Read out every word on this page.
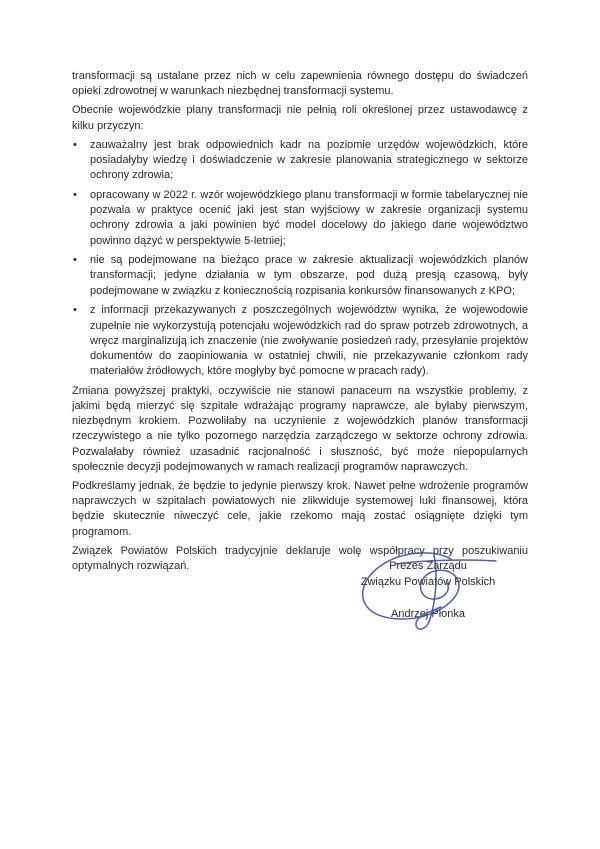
transformacji są ustalane przez nich w celu zapewnienia równego dostępu do świadczeń opieki zdrowotnej w warunkach niezbędnej transformacji systemu.

Obecnie wojewódzkie plany transformacji nie pełnią roli określonej przez ustawodawcę z kilku przyczyn:

• zauważalny jest brak odpowiednich kadr na poziomie urzędów wojewódzkich, które posiadałyby wiedzę i doświadczenie w zakresie planowania strategicznego w sektorze ochrony zdrowia;
• opracowany w 2022 r. wzór wojewódzkiego planu transformacji w formie tabelarycznej nie pozwala w praktyce ocenić jaki jest stan wyjściowy w zakresie organizacji systemu ochrony zdrowia a jaki powinien być model docelowy do jakiego dane województwo powinno dążyć w perspektywie 5-letniej;
• nie są podejmowane na bieżąco prace w zakresie aktualizacji wojewódzkich planów transformacji; jedyne działania w tym obszarze, pod dużą presją czasową, były podejmowane w związku z koniecznością rozpisania konkursów finansowanych z KPO;
• z informacji przekazywanych z poszczególnych województw wynika, że wojewodowie zupełnie nie wykorzystują potencjału wojewódzkich rad do spraw potrzeb zdrowotnych, a wręcz marginalizują ich znaczenie (nie zwoływanie posiedzeń rady, przesyłanie projektów dokumentów do zaopiniowania w ostatniej chwili, nie przekazywanie członkom rady materiałów źródłowych, które mogłyby być pomocne w pracach rady).

Zmiana powyższej praktyki, oczywiście nie stanowi panaceum na wszystkie problemy, z jakimi będą mierzyć się szpitale wdrażając programy naprawcze, ale byłaby pierwszym, niezbędnym krokiem. Pozwoliłaby na uczynienie z wojewódzkich planów transformacji rzeczywistego a nie tylko pozornego narzędzia zarządczego w sektorze ochrony zdrowia. Pozwalałaby również uzasadnić racjonalność i słuszność, być może niepopularnych społecznie decyzji podejmowanych w ramach realizacji programów naprawczych.

Podkreślamy jednak, że będzie to jedynie pierwszy krok. Nawet pełne wdrożenie programów naprawczych w szpitalach powiatowych nie zlikwiduje systemowej luki finansowej, która będzie skutecznie niweczyć cele, jakie rzekomo mają zostać osiągnięte dzięki tym programom.

Związek Powiatów Polskich tradycyjnie deklaruje wolę współpracy przy poszukiwaniu optymalnych rozwiązań.	Prezes Zarządu
Związku Powiatów Polskich
Andrzej Płonka
